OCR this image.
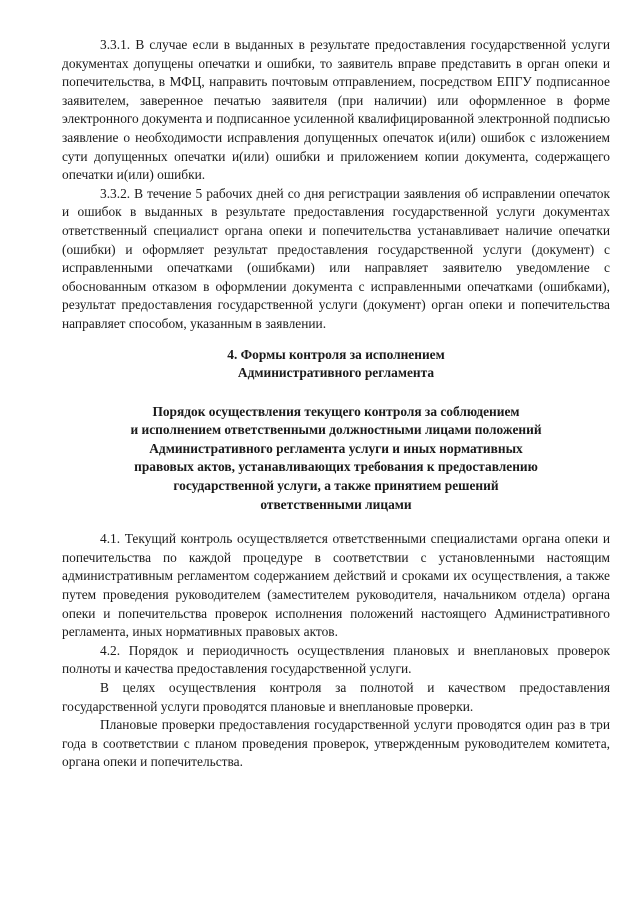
3.3.1. В случае если в выданных в результате предоставления государственной услуги документах допущены опечатки и ошибки, то заявитель вправе представить в орган опеки и попечительства, в МФЦ, направить почтовым отправлением, посредством ЕПГУ подписанное заявителем, заверенное печатью заявителя (при наличии) или оформленное в форме электронного документа и подписанное усиленной квалифицированной электронной подписью заявление о необходимости исправления допущенных опечаток и(или) ошибок с изложением сути допущенных опечатки и(или) ошибки и приложением копии документа, содержащего опечатки и(или) ошибки.

3.3.2. В течение 5 рабочих дней со дня регистрации заявления об исправлении опечаток и ошибок в выданных в результате предоставления государственной услуги документах ответственный специалист органа опеки и попечительства устанавливает наличие опечатки (ошибки) и оформляет результат предоставления государственной услуги (документ) с исправленными опечатками (ошибками) или направляет заявителю уведомление с обоснованным отказом в оформлении документа с исправленными опечатками (ошибками), результат предоставления государственной услуги (документ) орган опеки и попечительства направляет способом, указанным в заявлении.

4. Формы контроля за исполнением
Административного регламента
Порядок осуществления текущего контроля за соблюдением
и исполнением ответственными должностными лицами положений
Административного регламента услуги и иных нормативных
правовых актов, устанавливающих требования к предоставлению
государственной услуги, а также принятием решений
ответственными лицами

4.1. Текущий контроль осуществляется ответственными специалистами органа опеки и попечительства по каждой процедуре в соответствии с установленными настоящим административным регламентом содержанием действий и сроками их осуществления, а также путем проведения руководителем (заместителем руководителя, начальником отдела) органа опеки и попечительства проверок исполнения положений настоящего Административного регламента, иных нормативных правовых актов.

4.2. Порядок и периодичность осуществления плановых и внеплановых проверок полноты и качества предоставления государственной услуги.

В целях осуществления контроля за полнотой и качеством предоставления государственной услуги проводятся плановые и внеплановые проверки.

Плановые проверки предоставления государственной услуги проводятся один раз в три года в соответствии с планом проведения проверок, утвержденным руководителем комитета, органа опеки и попечительства.
